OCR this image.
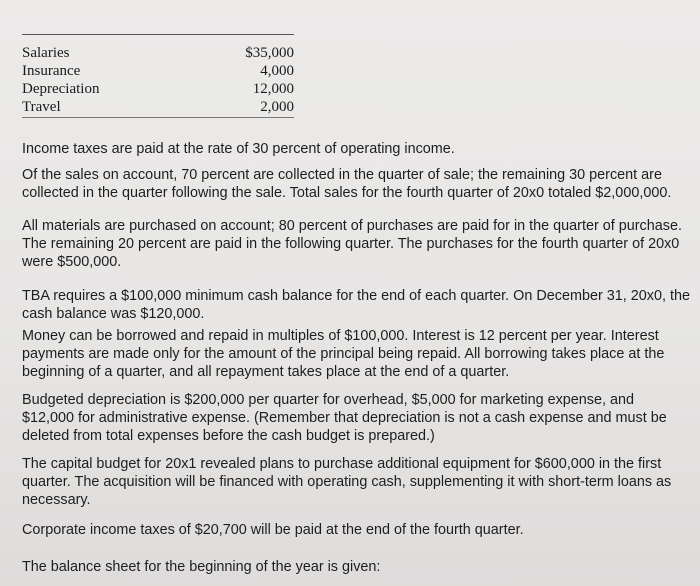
Salaries	$35,000
Insurance	4,000
Depreciation	12,000
Travel	2,000

Income taxes are paid at the rate of 30 percent of operating income.

Of the sales on account, 70 percent are collected in the quarter of sale; the remaining 30 percent are collected in the quarter following the sale. Total sales for the fourth quarter of 20x0 totaled $2,000,000.

All materials are purchased on account; 80 percent of purchases are paid for in the quarter of purchase. The remaining 20 percent are paid in the following quarter. The purchases for the fourth quarter of 20x0 were $500,000.

TBA requires a $100,000 minimum cash balance for the end of each quarter. On December 31, 20x0, the cash balance was $120,000.

Money can be borrowed and repaid in multiples of $100,000. Interest is 12 percent per year. Interest payments are made only for the amount of the principal being repaid. All borrowing takes place at the beginning of a quarter, and all repayment takes place at the end of a quarter.

Budgeted depreciation is $200,000 per quarter for overhead, $5,000 for marketing expense, and $12,000 for administrative expense. (Remember that depreciation is not a cash expense and must be deleted from total expenses before the cash budget is prepared.)

The capital budget for 20x1 revealed plans to purchase additional equipment for $600,000 in the first quarter. The acquisition will be financed with operating cash, supplementing it with short-term loans as necessary.

Corporate income taxes of $20,700 will be paid at the end of the fourth quarter.

The balance sheet for the beginning of the year is given:
